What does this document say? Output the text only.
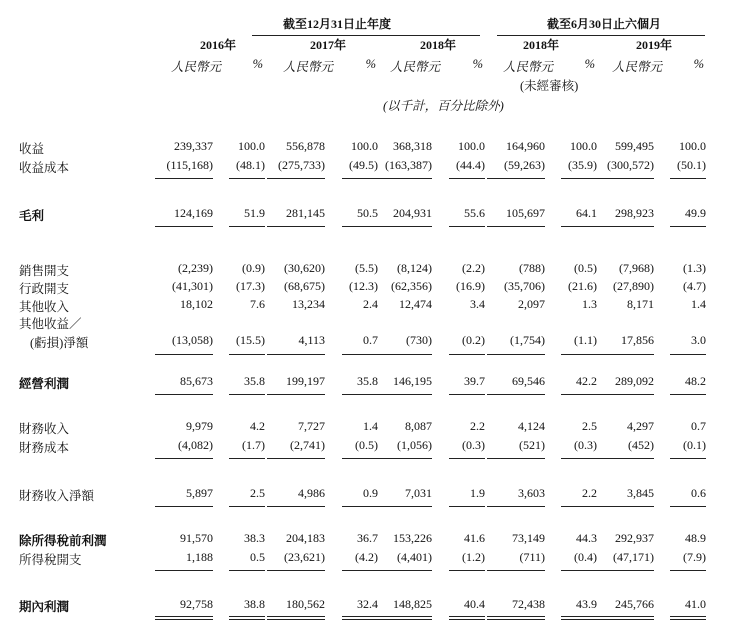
截至12月31日止年度	截至6月30日止六個月
2016年	2017年	2018年	2018年	2019年
人民幣元	% 人民幣元	% 人民幣元	% 人民幣元	% 人民幣元	%
(未經審核)
(以千計，百分比除外)
收益	239,337 100.0 556,878 100.0 368,318 100.0 164,960 100.0 599,495 100.0
收益成本	(115,168) (48.1) (275,733) (49.5) (163,387) (44.4) (59,263) (35.9) (300,572) (50.1)
毛利	124,169	51.9 281,145	50.5 204,931	55.6 105,697	64.1 298,923	49.9
銷售開支	(2,239) (0.9) (30,620)	(5.5) (8,124)	(2.2)	(788) (0.5) (7,968) (1.3)
行政開支	(41,301) (17.3) (68,675) (12.3) (62,356) (16.9) (35,706) (21.6) (27,890) (4.7)
其他收入	18,102	7.6 13,234	2.4 12,474	3.4	2,097	1.3	8,171	1.4
其他收益／
(虧損)淨額	(13,058) (15.5)	4,113	0.7 (730)	(0.2) (1,754) (1.1) 17,856	3.0
經營利潤	85,673	35.8 199,197	35.8 146,195	39.7 69,546	42.2 289,092	48.2
財務收入	9,979	4.2	7,727	1.4 8,087	2.2	4,124	2.5	4,297	0.7
財務成本	(4,082) (1.7) (2,741)	(0.5) (1,056)	(0.3)	(521) (0.3)	(452) (0.1)
財務收入淨額	5,897	2.5	4,986	0.9 7,031	1.9	3,603	2.2	3,845	0.6
除所得稅前利潤	91,570	38.3 204,183	36.7 153,226	41.6 73,149	44.3 292,937	48.9
所得稅開支	1,188	0.5 (23,621)	(4.2) (4,401)	(1.2)	(711) (0.4) (47,171) (7.9)
期內利潤	92,758	38.8 180,562	32.4 148,825	40.4 72,438	43.9 245,766	41.0
